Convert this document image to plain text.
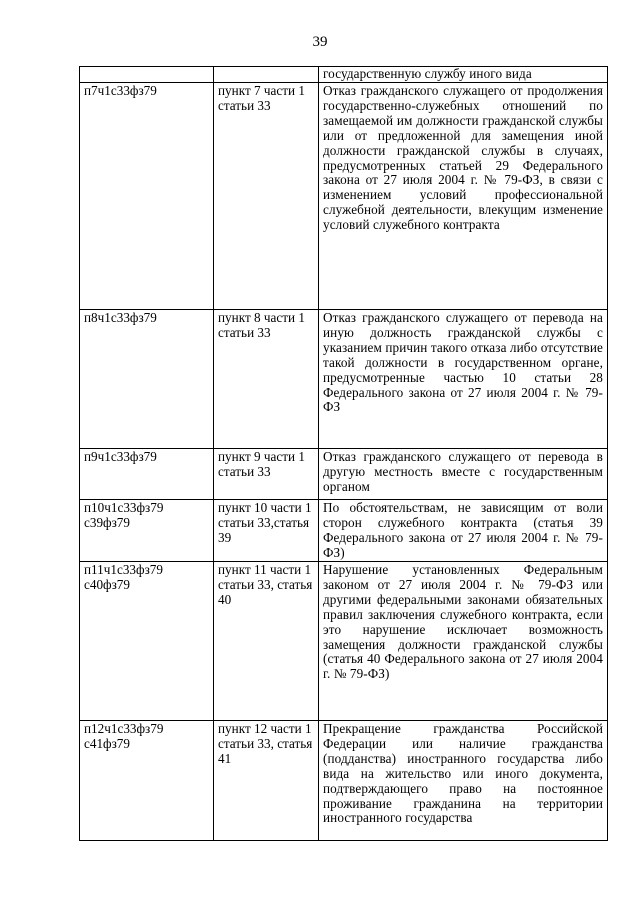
39
		государственную службу иного вида
п7ч1с33фз79	пункт 7 части 1 статьи 33	Отказ гражданского служащего от продолжения государственно-служебных отношений по замещаемой им должности гражданской службы или от предложенной для замещения иной должности гражданской службы в случаях, предусмотренных статьей 29 Федерального закона от 27 июля 2004 г. № 79-ФЗ, в связи с изменением условий профессиональной служебной деятельности, влекущим изменение условий служебного контракта
п8ч1с33фз79	пункт 8 части 1 статьи 33	Отказ гражданского служащего от перевода на иную должность гражданской службы с указанием причин такого отказа либо отсутствие такой должности в государственном органе, предусмотренные частью 10 статьи 28 Федерального закона от 27 июля 2004 г. № 79-ФЗ
п9ч1с33фз79	пункт 9 части 1 статьи 33	Отказ гражданского служащего от перевода в другую местность вместе с государственным органом
п10ч1с33фз79 с39фз79	пункт 10 части 1 статьи 33,статья 39	По обстоятельствам, не зависящим от воли сторон служебного контракта (статья 39 Федерального закона от 27 июля 2004 г. № 79-ФЗ)
п11ч1с33фз79 с40фз79	пункт 11 части 1 статьи 33, статья 40	Нарушение установленных Федеральным законом от 27 июля 2004 г. № 79-ФЗ или другими федеральными законами обязательных правил заключения служебного контракта, если это нарушение исключает возможность замещения должности гражданской службы (статья 40 Федерального закона от 27 июля 2004 г. № 79-ФЗ)
п12ч1с33фз79 с41фз79	пункт 12 части 1 статьи 33, статья 41	Прекращение гражданства Российской Федерации или наличие гражданства (подданства) иностранного государства либо вида на жительство или иного документа, подтверждающего право на постоянное проживание гражданина на территории иностранного государства
